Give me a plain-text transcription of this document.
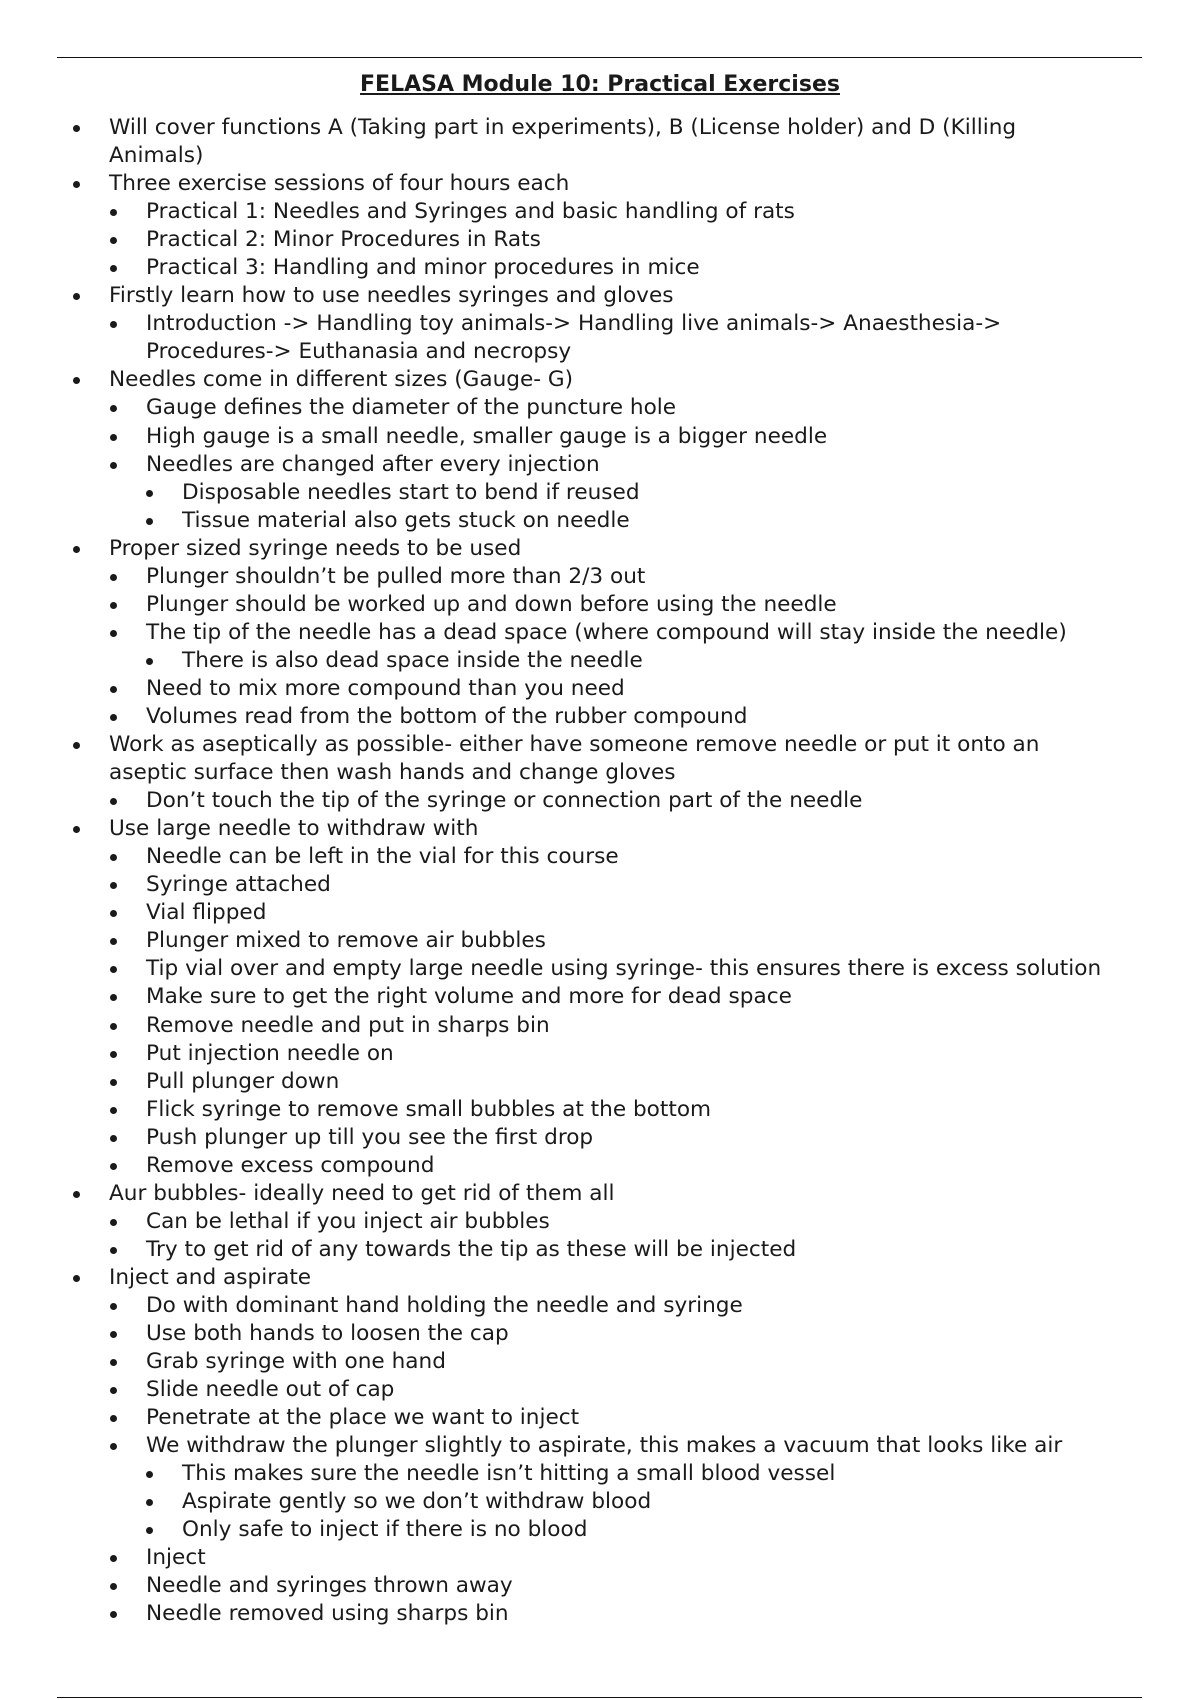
FELASA Module 10: Practical Exercises
Will cover functions A (Taking part in experiments), B (License holder) and D (Killing Animals)
Three exercise sessions of four hours each
Practical 1: Needles and Syringes and basic handling of rats
Practical 2: Minor Procedures in Rats
Practical 3: Handling and minor procedures in mice
Firstly learn how to use needles syringes and gloves
Introduction -> Handling toy animals-> Handling live animals-> Anaesthesia-> Procedures-> Euthanasia and necropsy
Needles come in different sizes (Gauge- G)
Gauge defines the diameter of the puncture hole
High gauge is a small needle, smaller gauge is a bigger needle
Needles are changed after every injection
Disposable needles start to bend if reused
Tissue material also gets stuck on needle
Proper sized syringe needs to be used
Plunger shouldn’t be pulled more than 2/3 out
Plunger should be worked up and down before using the needle
The tip of the needle has a dead space (where compound will stay inside the needle)
There is also dead space inside the needle
Need to mix more compound than you need
Volumes read from the bottom of the rubber compound
Work as aseptically as possible- either have someone remove needle or put it onto an aseptic surface then wash hands and change gloves
Don’t touch the tip of the syringe or connection part of the needle
Use large needle to withdraw with
Needle can be left in the vial for this course
Syringe attached
Vial flipped
Plunger mixed to remove air bubbles
Tip vial over and empty large needle using syringe- this ensures there is excess solution
Make sure to get the right volume and more for dead space
Remove needle and put in sharps bin
Put injection needle on
Pull plunger down
Flick syringe to remove small bubbles at the bottom
Push plunger up till you see the first drop
Remove excess compound
Aur bubbles- ideally need to get rid of them all
Can be lethal if you inject air bubbles
Try to get rid of any towards the tip as these will be injected
Inject and aspirate
Do with dominant hand holding the needle and syringe
Use both hands to loosen the cap
Grab syringe with one hand
Slide needle out of cap
Penetrate at the place we want to inject
We withdraw the plunger slightly to aspirate, this makes a vacuum that looks like air
This makes sure the needle isn’t hitting a small blood vessel
Aspirate gently so we don’t withdraw blood
Only safe to inject if there is no blood
Inject
Needle and syringes thrown away
Needle removed using sharps bin
